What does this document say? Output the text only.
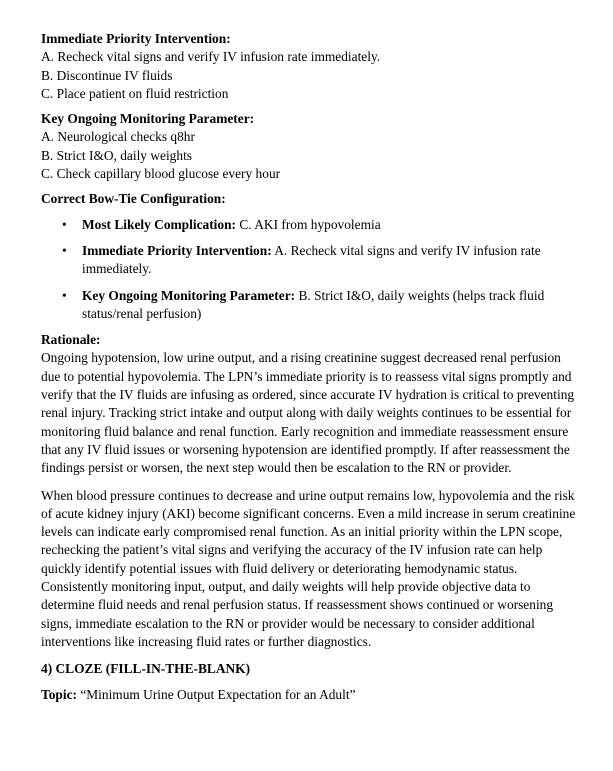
Immediate Priority Intervention:

A. Recheck vital signs and verify IV infusion rate immediately.

B. Discontinue IV fluids

C. Place patient on fluid restriction

Key Ongoing Monitoring Parameter:

A. Neurological checks q8hr

B. Strict I&O, daily weights

C. Check capillary blood glucose every hour

Correct Bow-Tie Configuration:

• Most Likely Complication: C. AKI from hypovolemia
• Immediate Priority Intervention: A. Recheck vital signs and verify IV infusion rate immediately.
• Key Ongoing Monitoring Parameter: B. Strict I&O, daily weights (helps track fluid status/renal perfusion)

Rationale:

Ongoing hypotension, low urine output, and a rising creatinine suggest decreased renal perfusion due to potential hypovolemia. The LPN’s immediate priority is to reassess vital signs promptly and verify that the IV fluids are infusing as ordered, since accurate IV hydration is critical to preventing renal injury. Tracking strict intake and output along with daily weights continues to be essential for monitoring fluid balance and renal function. Early recognition and immediate reassessment ensure that any IV fluid issues or worsening hypotension are identified promptly. If after reassessment the findings persist or worsen, the next step would then be escalation to the RN or provider.

When blood pressure continues to decrease and urine output remains low, hypovolemia and the risk of acute kidney injury (AKI) become significant concerns. Even a mild increase in serum creatinine levels can indicate early compromised renal function. As an initial priority within the LPN scope, rechecking the patient’s vital signs and verifying the accuracy of the IV infusion rate can help quickly identify potential issues with fluid delivery or deteriorating hemodynamic status. Consistently monitoring input, output, and daily weights will help provide objective data to determine fluid needs and renal perfusion status. If reassessment shows continued or worsening signs, immediate escalation to the RN or provider would be necessary to consider additional interventions like increasing fluid rates or further diagnostics.

4) CLOZE (FILL-IN-THE-BLANK)

Topic: “Minimum Urine Output Expectation for an Adult”
